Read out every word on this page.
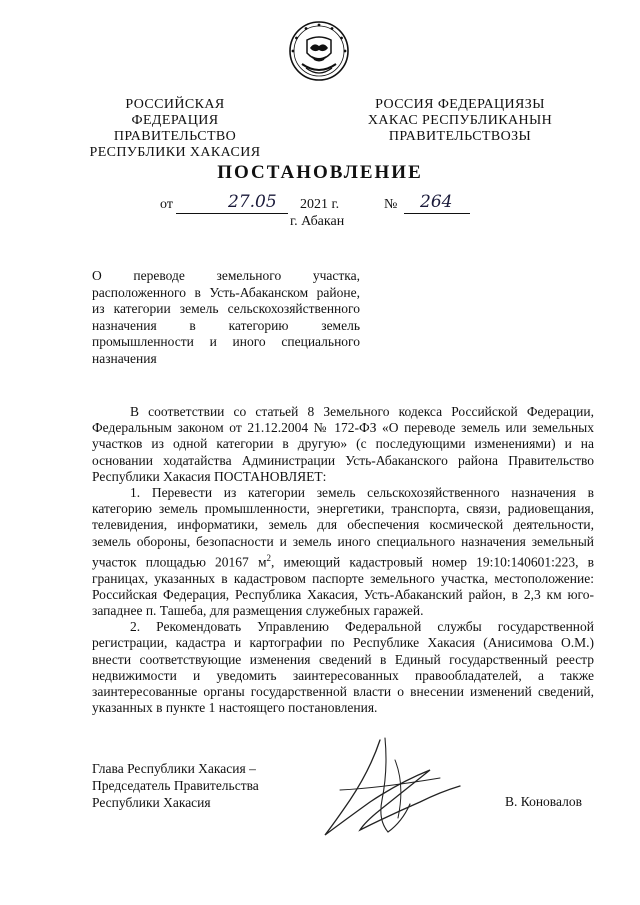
РОССИЙСКАЯ ФЕДЕРАЦИЯ
ПРАВИТЕЛЬСТВО
РЕСПУБЛИКИ ХАКАСИЯ
РОССИЯ ФЕДЕРАЦИЯЗЫ
ХАКАС РЕСПУБЛИКАНЫН
ПРАВИТЕЛЬСТВОЗЫ
ПОСТАНОВЛЕНИЕ
от	27.05 2021 г.	№ 264
г. Абакан

О переводе земельного участка,

расположенного в Усть-Абаканском районе,

из категории земель сельскохозяйственного

назначения в категорию земель

промышленности и иного специального

назначения

В соответствии со статьей 8 Земельного кодекса Российской Федерации, Федеральным законом от 21.12.2004 № 172-ФЗ «О переводе земель или земельных участков из одной категории в другую» (с последующими изменениями) и на основании ходатайства Администрации Усть-Абаканского района Правительство Республики Хакасия ПОСТАНОВЛЯЕТ:

1. Перевести из категории земель сельскохозяйственного назначения в категорию земель промышленности, энергетики, транспорта, связи, радиовещания, телевидения, информатики, земель для обеспечения космической деятельности, земель обороны, безопасности и земель иного специального назначения земельный участок площадью 20167 $м^2$, имеющий кадастровый номер 19:10:140601:223, в границах, указанных в кадастровом паспорте земельного участка, местоположение: Российская Федерация, Республика Хакасия, Усть-Абаканский район, в 2,3 км юго-западнее п. Ташеба, для размещения служебных гаражей.

2. Рекомендовать Управлению Федеральной службы государственной регистрации, кадастра и картографии по Республике Хакасия (Анисимова О.М.) внести соответствующие изменения сведений в Единый государственный реестр недвижимости и уведомить заинтересованных правообладателей, а также заинтересованные органы государственной власти о внесении изменений сведений, указанных в пункте 1 настоящего постановления.

Глава Республики Хакасия –
Председатель Правительства
Республики Хакасия	В. Коновалов
